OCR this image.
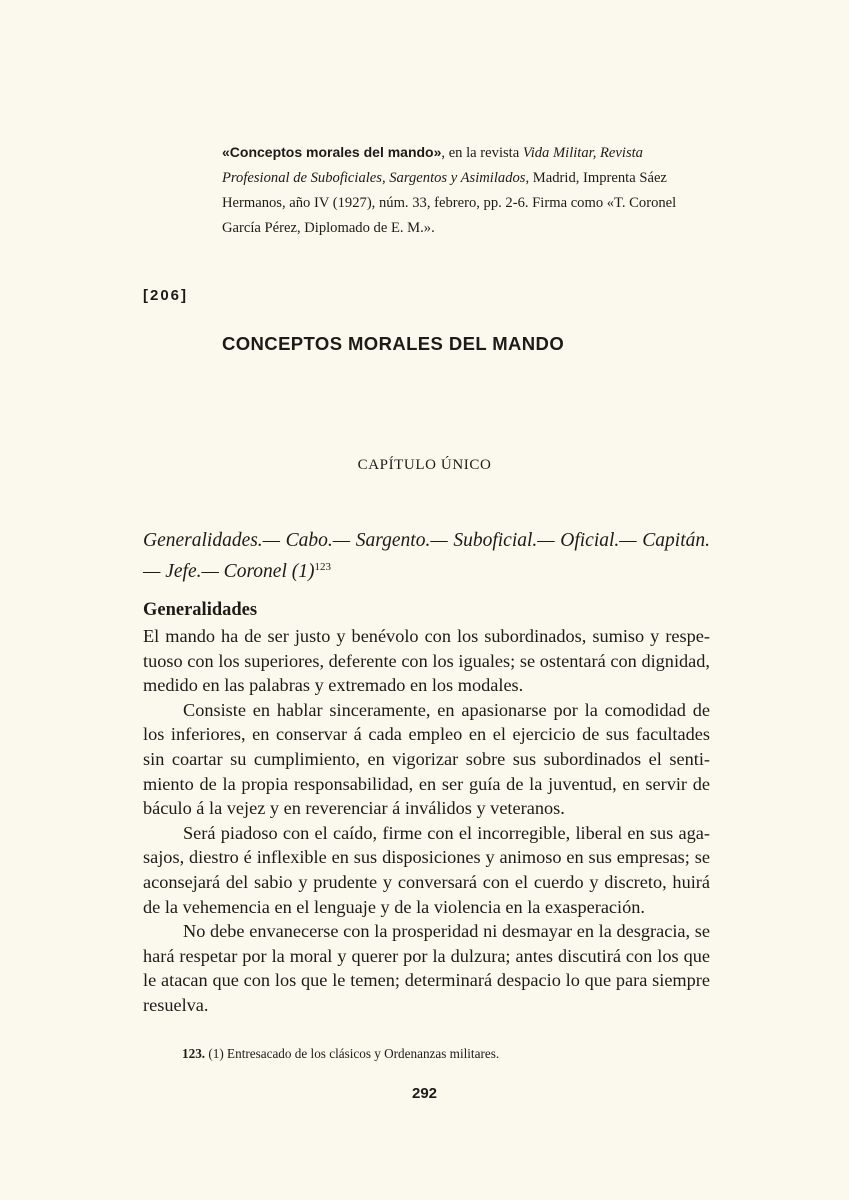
«Conceptos morales del mando», en la revista Vida Militar, Revista Profesional de Suboficiales, Sargentos y Asimilados, Madrid, Imprenta Sáez Hermanos, año IV (1927), núm. 33, febrero, pp. 2-6. Firma como «T. Coronel García Pérez, Diplomado de E. M.».
[206]
CONCEPTOS MORALES DEL MANDO
CAPÍTULO ÚNICO
Generalidades.— Cabo.— Sargento.— Suboficial.— Oficial.— Capitán.— Jefe.— Coronel $(1)^{123}$
Generalidades

El mando ha de ser justo y benévolo con los subordinados, sumiso y respetuoso con los superiores, deferente con los iguales; se ostentará con dignidad, medido en las palabras y extremado en los modales.

Consiste en hablar sinceramente, en apasionarse por la comodidad de los inferiores, en conservar á cada empleo en el ejercicio de sus facultades sin coartar su cumplimiento, en vigorizar sobre sus subordinados el sentimiento de la propia responsabilidad, en ser guía de la juventud, en servir de báculo á la vejez y en reverenciar á inválidos y veteranos.

Será piadoso con el caído, firme con el incorregible, liberal en sus agasajos, diestro é inflexible en sus disposiciones y animoso en sus empresas; se aconsejará del sabio y prudente y conversará con el cuerdo y discreto, huirá de la vehemencia en el lenguaje y de la violencia en la exasperación.

No debe envanecerse con la prosperidad ni desmayar en la desgracia, se hará respetar por la moral y querer por la dulzura; antes discutirá con los que le atacan que con los que le temen; determinará despacio lo que para siempre resuelva.

123. (1) Entresacado de los clásicos y Ordenanzas militares.
292
